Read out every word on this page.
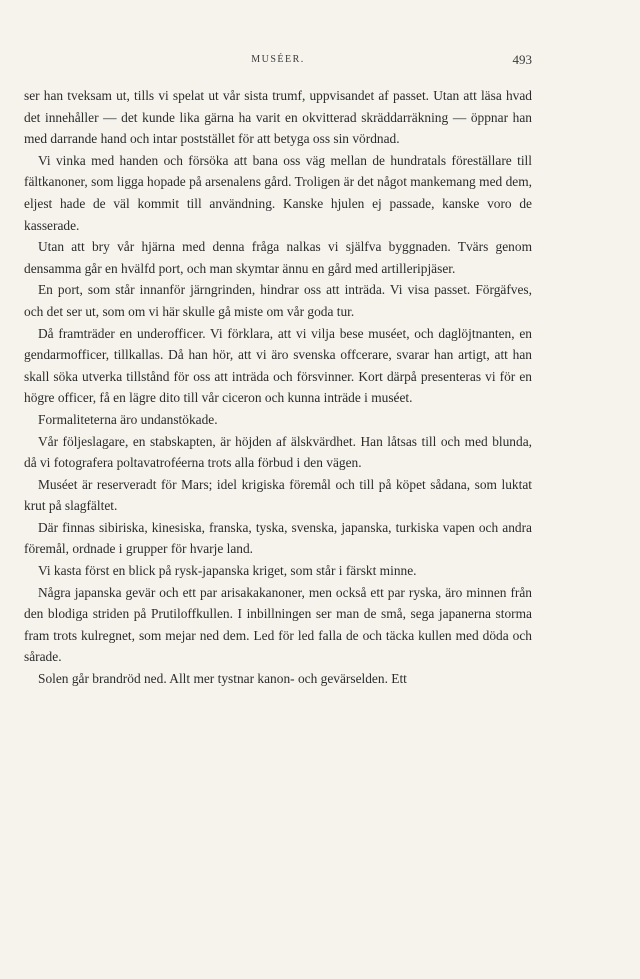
MUSÉER.	493

ser han tveksam ut, tills vi spelat ut vår sista trumf, uppvisandet af passet. Utan att läsa hvad det innehåller — det kunde lika gärna ha varit en okvitterad skräddarräkning — öppnar han med darrande hand och intar poststället för att betyga oss sin vördnad.

Vi vinka med handen och försöka att bana oss väg mellan de hundratals föreställare till fältkanoner, som ligga hopade på arsenalens gård. Troligen är det något mankemang med dem, eljest hade de väl kommit till användning. Kanske hjulen ej passade, kanske voro de kasserade.

Utan att bry vår hjärna med denna fråga nalkas vi själfva byggnaden. Tvärs genom densamma går en hvälfd port, och man skymtar ännu en gård med artilleripjäser.

En port, som står innanför järngrinden, hindrar oss att inträda. Vi visa passet. Förgäfves, och det ser ut, som om vi här skulle gå miste om vår goda tur.

Då framträder en underofficer. Vi förklara, att vi vilja bese muséet, och daglöjtnanten, en gendarmofficer, tillkallas. Då han hör, att vi äro svenska offcerare, svarar han artigt, att han skall söka utverka tillstånd för oss att inträda och försvinner. Kort därpå presenteras vi för en högre officer, få en lägre dito till vår ciceron och kunna inträde i muséet.

Formaliteterna äro undanstökade.

Vår följeslagare, en stabskapten, är höjden af älskvärdhet. Han låtsas till och med blunda, då vi fotografera poltavatroféerna trots alla förbud i den vägen.

Muséet är reserveradt för Mars; idel krigiska föremål och till på köpet sådana, som luktat krut på slagfältet.

Där finnas sibiriska, kinesiska, franska, tyska, svenska, japanska, turkiska vapen och andra föremål, ordnade i grupper för hvarje land.

Vi kasta först en blick på rysk-japanska kriget, som står i färskt minne.

Några japanska gevär och ett par arisakakanoner, men också ett par ryska, äro minnen från den blodiga striden på Prutiloffkullen. I inbillningen ser man de små, sega japanerna storma fram trots kulregnet, som mejar ned dem. Led för led falla de och täcka kullen med döda och sårade.

Solen går brandröd ned. Allt mer tystnar kanon- och gevärselden. Ett
